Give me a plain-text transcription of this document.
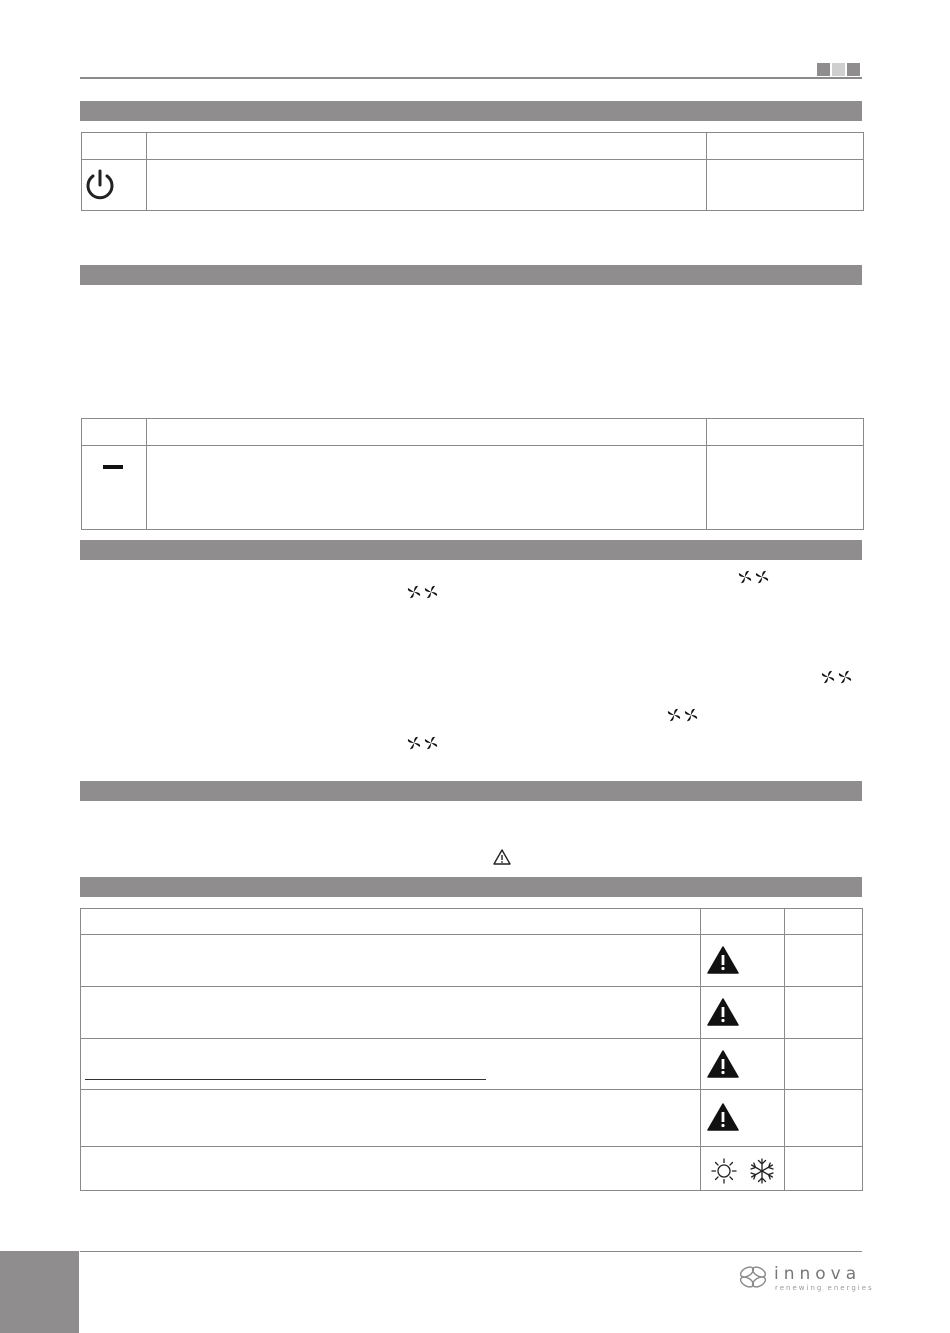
innova
renewing energies
